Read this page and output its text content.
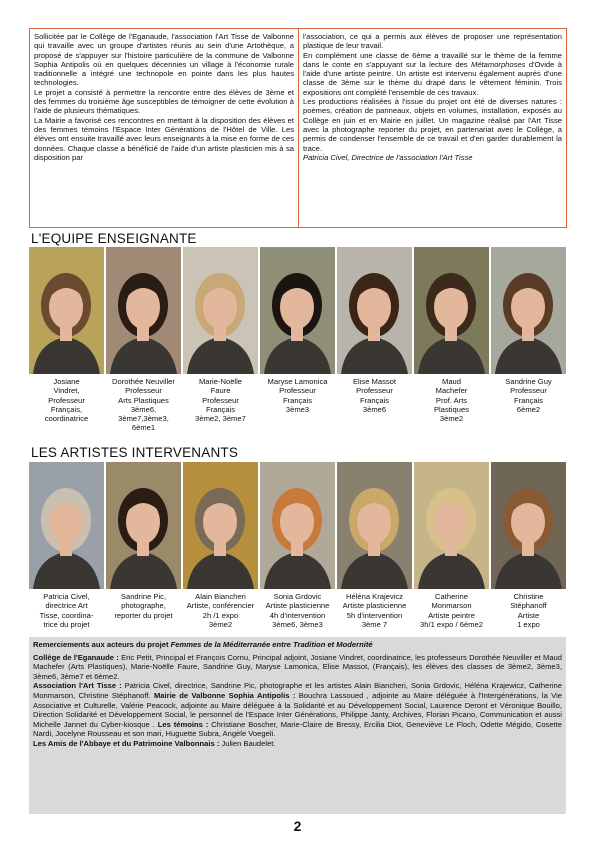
Sollicitée par le Collège de l'Eganaude, l'association l'Art Tisse de Valbonne qui travaille avec un groupe d'artistes réunis au sein d'une Artothèque, a proposé de s'appuyer sur l'histoire particulière de la commune de Valbonne Sophia Antipolis où en quelques décennies un village à l'économie rurale traditionnelle a intégré une technopole en pointe dans les plus hautes technologies.

Le projet a consisté à permettre la rencontre entre des élèves de 3ème et des femmes du troisième âge susceptibles de témoigner de cette évolution à l'aide de plusieurs thématiques.

La Mairie a favorisé ces rencontres en mettant à la disposition des élèves et des femmes témoins l'Espace Inter Générations de l'Hôtel de Ville. Les élèves ont ensuite travaillé avec leurs enseignants à la mise en forme de ces données. Chaque classe a bénéficié de l'aide d'un artiste plasticien mis à sa disposition par

l'association, ce qui a permis aux élèves de proposer une représentation plastique de leur travail.

En complément une classe de 6ème a travaillé sur le thème de la femme dans le conte en s'appuyant sur la lecture des Métamorphoses d'Ovide à l'aide d'une artiste peintre. Un artiste est intervenu également auprès d'une classe de 3ème sur le thème du drapé dans le vêtement féminin. Trois expositions ont complété l'ensemble de ces travaux.

Les productions réalisées à l'issue du projet ont été de diverses natures : poèmes, création de panneaux, objets en volumes, installation, exposés au Collège en juin et en Mairie en juillet. Un magazine réalisé par l'Art Tisse avec la photographe reporter du projet, en partenariat avec le Collège, a permis de condenser l'ensemble de ce travail et d'en garder durablement la trace.

Patricia Civel, Directrice de l'association l'Art Tisse

L'EQUIPE ENSEIGNANTE
Josiane
Vindret,
Professeur
Français,
coordinatrice
Dorothée Neuviller
Professeur
Arts Plastiques
3ème6, 3ème7,3ème3,
6ème1
Marie-Noëlle
Faure
Professeur
Français
3ème2, 3ème7
Maryse Lamonica
Professeur
Français
3ème3
Elise Massot
Professeur
Français
3ème6
Maud
Machefer
Prof. Arts
Plastiques
3ème2
Sandrine Guy
Professeur
Français
6ème2
LES ARTISTES INTERVENANTS
Patricia Civel,
directrice Art
Tisse, coordina-
trice du projet
Sandrine Pic,
photographe,
reporter du projet
Alain Biancheri
Artiste, conférencier
2h /1 expo
3ème2
Sonia Grdovic
Artiste plasticienne
4h d'intervention
3ème6, 3ème3
Héléna Krajevicz
Artiste plasticienne
5h d'intervention
3ème 7
Catherine
Monmarson
Artiste peintre
3h/1 expo / 6ème2
Christine
Stéphanoff
Artiste
1 expo

Remerciements aux acteurs du projet Femmes de la Méditerranée entre Tradition et Modernité

Collège de l'Eganaude : Eric Petit, Principal et François Cornu, Principal adjoint, Josiane Vindret, coordinatrice, les professeurs Dorothée Neuviller et Maud Machefer (Arts Plastiques), Marie-Noëlle Faure, Sandrine Guy, Maryse Lamonica, Elise Massot, (Français), les élèves des classes de 3ème2, 3ème3, 3ème6, 3ème7 et 6ème2.

Association l'Art Tisse : Patricia Civel, directrice, Sandrine Pic, photographe et les artistes Alain Biancheri, Sonia Grdovic, Héléna Krajewicz, Catherine Monmarson, Christine Stéphanoff. Mairie de Valbonne Sophia Antipolis : Bouchra Lassoued , adjointe au Maire déléguée à l'Intergénérations, la Vie Associative et Culturelle, Valérie Peacock, adjointe au Maire déléguée à la Solidarité et au Développement Social, Laurence Deront et Véronique Bouillo, Direction Solidarité et Développement Social, le personnel de l'Espace Inter Générations, Philippe Janty, Archives, Florian Picano, Communication et aussi Michelle Jannet du Cyber-kiosque . Les témoins : Christiane Boscher, Marie-Claire de Bressy, Ercilia Diot, Geneviève Le Floch, Odette Mégido, Cosette Nardi, Jocelyne Rousseau et son mari, Huguette Subra, Angèle Voegeli.

Les Amis de l'Abbaye et du Patrimoine Valbonnais : Julien Baudelet.

2
